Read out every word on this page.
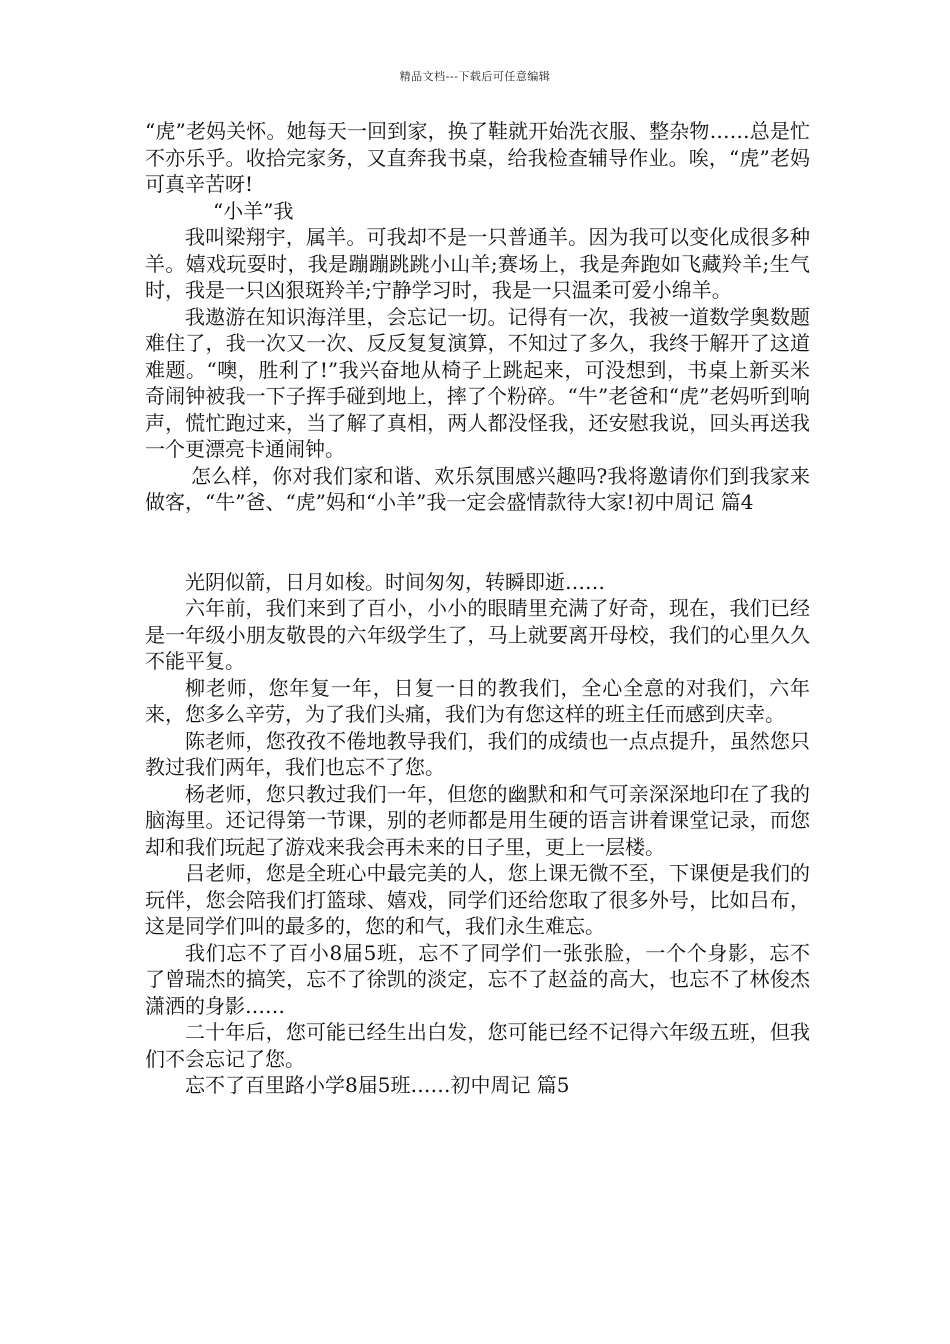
精品文档---下载后可任意编辑

“虎”老妈关怀。她每天一回到家，换了鞋就开始洗衣服、整杂物……总是忙不亦乐乎。收拾完家务，又直奔我书桌，给我检查辅导作业。唉，“虎”老妈可真辛苦呀!

“小羊”我

我叫梁翔宇，属羊。可我却不是一只普通羊。因为我可以变化成很多种羊。嬉戏玩耍时，我是蹦蹦跳跳小山羊;赛场上，我是奔跑如飞藏羚羊;生气时，我是一只凶狠斑羚羊;宁静学习时，我是一只温柔可爱小绵羊。

我遨游在知识海洋里，会忘记一切。记得有一次，我被一道数学奥数题难住了，我一次又一次、反反复复演算，不知过了多久，我终于解开了这道难题。“噢，胜利了!”我兴奋地从椅子上跳起来，可没想到，书桌上新买米奇闹钟被我一下子挥手碰到地上，摔了个粉碎。“牛”老爸和“虎”老妈听到响声，慌忙跑过来，当了解了真相，两人都没怪我，还安慰我说，回头再送我一个更漂亮卡通闹钟。

怎么样，你对我们家和谐、欢乐氛围感兴趣吗?我将邀请你们到我家来做客，“牛”爸、“虎”妈和“小羊”我一定会盛情款待大家!初中周记 篇4

光阴似箭，日月如梭。时间匆匆，转瞬即逝……

六年前，我们来到了百小，小小的眼睛里充满了好奇，现在，我们已经是一年级小朋友敬畏的六年级学生了，马上就要离开母校，我们的心里久久不能平复。

柳老师，您年复一年，日复一日的教我们，全心全意的对我们，六年来，您多么辛劳，为了我们头痛，我们为有您这样的班主任而感到庆幸。

陈老师，您孜孜不倦地教导我们，我们的成绩也一点点提升，虽然您只教过我们两年，我们也忘不了您。

杨老师，您只教过我们一年，但您的幽默和和气可亲深深地印在了我的脑海里。还记得第一节课，别的老师都是用生硬的语言讲着课堂记录，而您却和我们玩起了游戏来我会再未来的日子里，更上一层楼。

吕老师，您是全班心中最完美的人，您上课无微不至，下课便是我们的玩伴，您会陪我们打篮球、嬉戏，同学们还给您取了很多外号，比如吕布，这是同学们叫的最多的，您的和气，我们永生难忘。

我们忘不了百小8届5班，忘不了同学们一张张脸，一个个身影，忘不了曾瑞杰的搞笑，忘不了徐凯的淡定，忘不了赵益的高大，也忘不了林俊杰潇洒的身影……

二十年后，您可能已经生出白发，您可能已经不记得六年级五班，但我们不会忘记了您。

忘不了百里路小学8届5班……初中周记 篇5
